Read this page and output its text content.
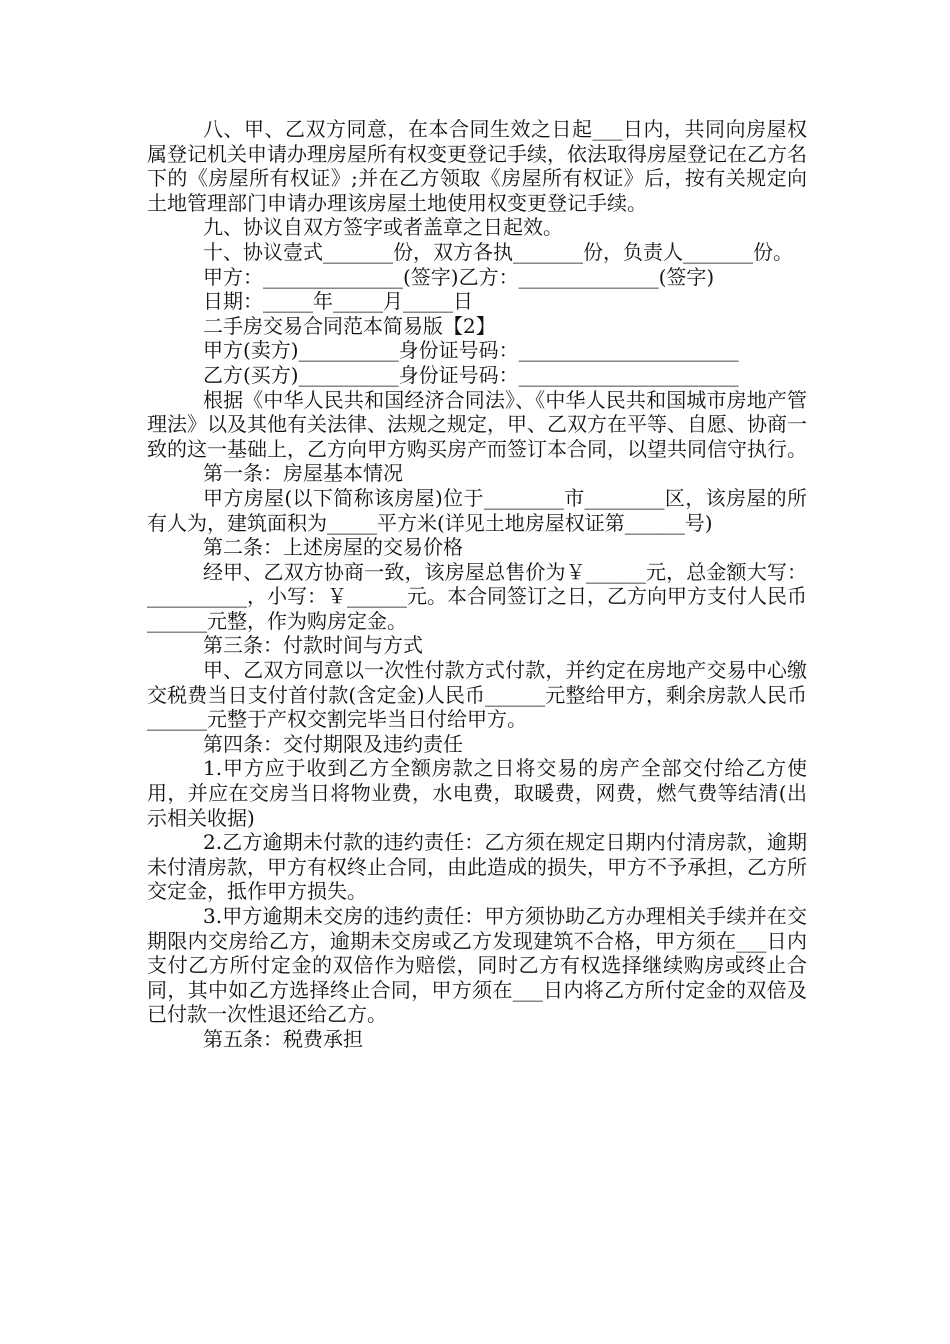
八、甲、乙双方同意，在本合同生效之日起___日内，共同向房屋权属登记机关申请办理房屋所有权变更登记手续，依法取得房屋登记在乙方名下的《房屋所有权证》;并在乙方领取《房屋所有权证》后，按有关规定向土地管理部门申请办理该房屋土地使用权变更登记手续。

九、协议自双方签字或者盖章之日起效。

十、协议壹式_______份，双方各执_______份，负责人_______份。

甲方：______________(签字)乙方：______________(签字)

日期：_____年_____月_____日

二手房交易合同范本简易版【2】

甲方(卖方)__________身份证号码：______________________

乙方(买方)__________身份证号码：______________________

根据《中华人民共和国经济合同法》、《中华人民共和国城市房地产管理法》以及其他有关法律、法规之规定，甲、乙双方在平等、自愿、协商一致的这一基础上，乙方向甲方购买房产而签订本合同，以望共同信守执行。

第一条：房屋基本情况

甲方房屋(以下简称该房屋)位于________市________区，该房屋的所有人为，建筑面积为_____平方米(详见土地房屋权证第______号)

第二条：上述房屋的交易价格

经甲、乙双方协商一致，该房屋总售价为￥______元，总金额大写：__________，小写：￥______元。本合同签订之日，乙方向甲方支付人民币______元整，作为购房定金。

第三条：付款时间与方式

甲、乙双方同意以一次性付款方式付款，并约定在房地产交易中心缴交税费当日支付首付款(含定金)人民币______元整给甲方，剩余房款人民币______元整于产权交割完毕当日付给甲方。

第四条：交付期限及违约责任

1.甲方应于收到乙方全额房款之日将交易的房产全部交付给乙方使用，并应在交房当日将物业费，水电费，取暖费，网费，燃气费等结清(出示相关收据)

2.乙方逾期未付款的违约责任：乙方须在规定日期内付清房款，逾期未付清房款，甲方有权终止合同，由此造成的损失，甲方不予承担，乙方所交定金，抵作甲方损失。

3.甲方逾期未交房的违约责任：甲方须协助乙方办理相关手续并在交期限内交房给乙方，逾期未交房或乙方发现建筑不合格，甲方须在___日内支付乙方所付定金的双倍作为赔偿，同时乙方有权选择继续购房或终止合同，其中如乙方选择终止合同，甲方须在___日内将乙方所付定金的双倍及已付款一次性退还给乙方。

第五条：税费承担
